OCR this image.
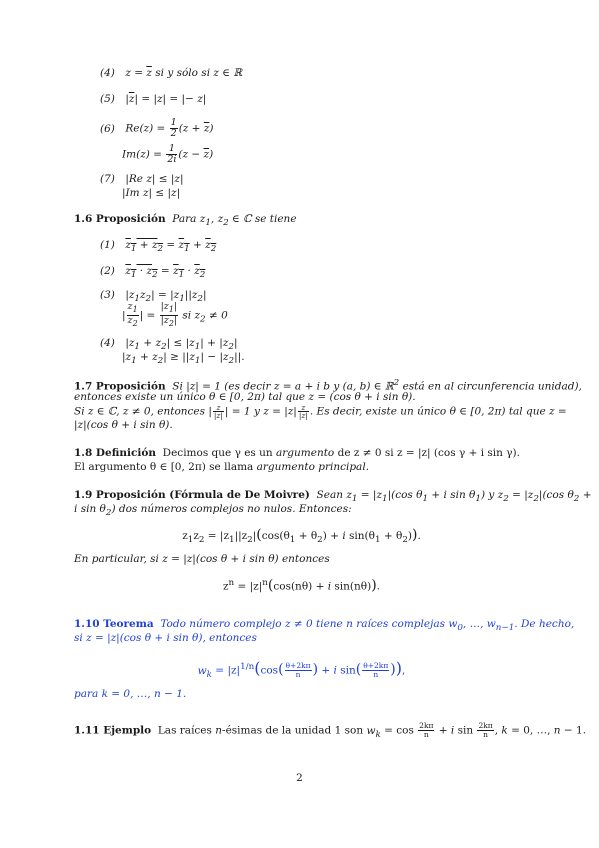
(4) $z = \overline{z}$ si y sólo si z ∈ ℝ
(5) $|\overline{z}| = |z|$ = |− z|
(6) $Re(z) = \frac{1}{2} (z + \overline{z})$
$Im(z) = \frac{1}{2i} (z - \overline{z})$
(7) |Re z| ≤ |z|
|Im z| ≤ |z|
1.6 Proposición  Para $z_1$, $z_2$ ∈ ℂ se tiene
(1) $z_1 + z_2 = z_1 + z_2$
(2) $z_1 \cdot z_2 = z_1 \cdot z_2$
(3) $|z_1z_2| = |z_1||z_2|$
| $\frac{z_1}{z_2}$ | = $\frac{|z_1|}{|z_2|}$ si $z_2 \ne 0$
(4) $|z_1 + z_2| \le |z_1| + |z_2|$
$|z_1 + z_2| \ge ||z_1| - |z_2||$.
1.7 Proposición  Si |z| = 1 (es decir z = a + i b y (a, b) ∈ ℝ$^2$ está en al circunferencia unidad),
entonces existe un único θ ∈ [0, 2π) tal que z = (cos θ + i sin θ).
Si z ∈ ℂ, z ≠ 0, entonces | $\frac{z}{|z|}$ | = 1 y $z = |z| \frac{z}{|z|}$ . Es decir, existe un único θ ∈ [0, 2π) tal que z =
|z|(cos θ + i sin θ).
1.8 Definición  Decimos que γ es un argumento de z ≠ 0 si z = |z| (cos γ + i sin γ).
El argumento θ ∈ [0, 2π) se llama argumento principal.
1.9 Proposición (Fórmula de De Moivre)  Sean $z_1 = |z_1|(\cos$ $\theta_1 + i$ $\sin \theta_1$) y $z_2 = |z_2|(\cos$ $\theta_2$ +
i $\sin \theta_2$) dos números complejos no nulos. Entonces:
$z_1z_2 = |z_1||z_2|(\cos(\theta_1 + \theta_2) + i$ $\sin(\theta_1 + \theta_2)$).
En particular, si z = |z|(cos θ + i sin θ) entonces
$z^n = |z|^n(\cos(n\theta) + i$ sin(nθ)).
1.10 Teorema  Todo número complejo z ≠ 0 tiene n raíces complejas $w_0$, …, $w_{n-1}$. De hecho,
si z = |z|(cos θ + i sin θ), entonces
$w_k = |z|^{1/n}(\cos( \frac{\theta+2k\pi}{n}$ ) + i $\sin( \frac{\theta+2k\pi}{n}$ )),
para k = 0, …, n − 1.
1.11 Ejemplo  Las raíces n-ésimas de la unidad 1 son $w_k = \cos \frac{2k\pi}{n} + i$ $\sin \frac{2k\pi}{n}$ , k = 0, …, n − 1.
2
